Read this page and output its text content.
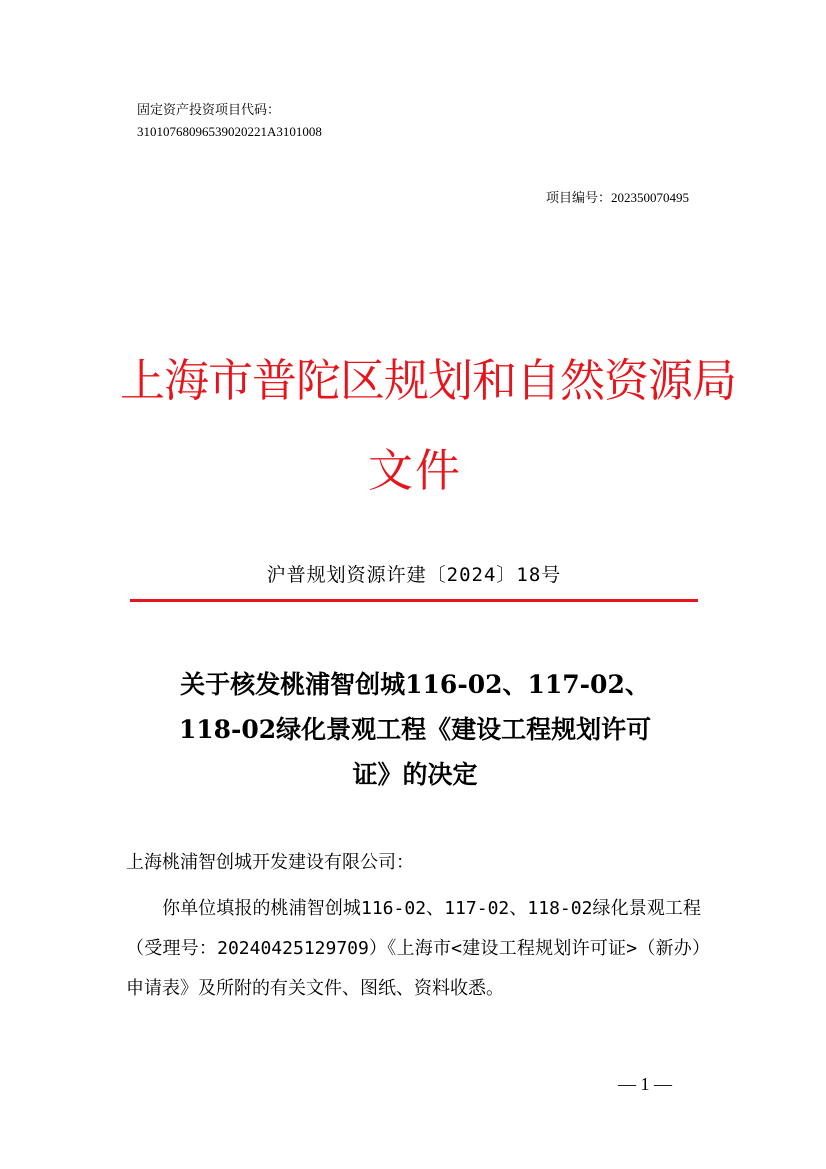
固定资产投资项目代码：
31010768096539020221A3101008
项目编号：202350070495
上海市普陀区规划和自然资源局
文件
沪普规划资源许建〔2024〕18号
关于核发桃浦智创城116-02、117-02、
118-02绿化景观工程《建设工程规划许可
证》的决定
上海桃浦智创城开发建设有限公司：
你单位填报的桃浦智创城116-02、117-02、118-02绿化景观工程（受理号：20240425129709）《上海市<建设工程规划许可证>（新办）申请表》及所附的有关文件、图纸、资料收悉。
— 1 —
